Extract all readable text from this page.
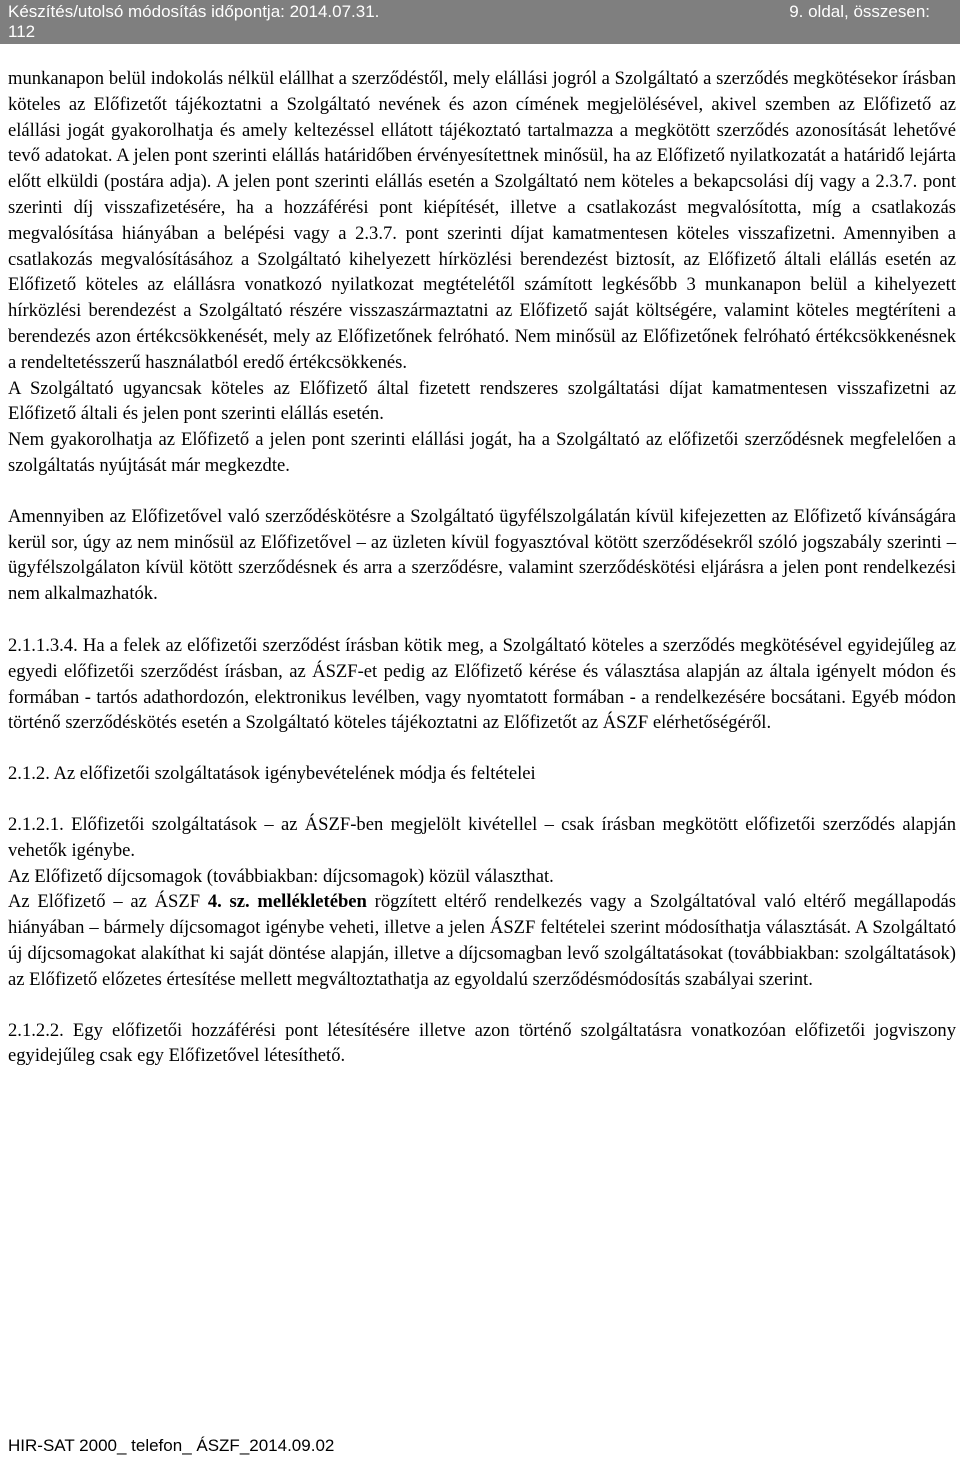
Készítés/utolsó módosítás időpontja: 2014.07.31.	9. oldal, összesen:
112

munkanapon belül indokolás nélkül elállhat a szerződéstől, mely elállási jogról a Szolgáltató a szerződés megkötésekor írásban köteles az Előfizetőt tájékoztatni a Szolgáltató nevének és azon címének megjelölésével, akivel szemben az Előfizető az elállási jogát gyakorolhatja és amely keltezéssel ellátott tájékoztató tartalmazza a megkötött szerződés azonosítását lehetővé tevő adatokat. A jelen pont szerinti elállás határidőben érvényesítettnek minősül, ha az Előfizető nyilatkozatát a határidő lejárta előtt elküldi (postára adja). A jelen pont szerinti elállás esetén a Szolgáltató nem köteles a bekapcsolási díj vagy a 2.3.7. pont szerinti díj visszafizetésére, ha a hozzáférési pont kiépítését, illetve a csatlakozást megvalósította, míg a csatlakozás megvalósítása hiányában a belépési vagy a 2.3.7. pont szerinti díjat kamatmentesen köteles visszafizetni. Amennyiben a csatlakozás megvalósításához a Szolgáltató kihelyezett hírközlési berendezést biztosít, az Előfizető általi elállás esetén az Előfizető köteles az elállásra vonatkozó nyilatkozat megtételétől számított legkésőbb 3 munkanapon belül a kihelyezett hírközlési berendezést a Szolgáltató részére visszaszármaztatni az Előfizető saját költségére, valamint köteles megtéríteni a berendezés azon értékcsökkenését, mely az Előfizetőnek felróható. Nem minősül az Előfizetőnek felróható értékcsökkenésnek a rendeltetésszerű használatból eredő értékcsökkenés.

A Szolgáltató ugyancsak köteles az Előfizető által fizetett rendszeres szolgáltatási díjat kamatmentesen visszafizetni az Előfizető általi és jelen pont szerinti elállás esetén.

Nem gyakorolhatja az Előfizető a jelen pont szerinti elállási jogát, ha a Szolgáltató az előfizetői szerződésnek megfelelően a szolgáltatás nyújtását már megkezdte.

Amennyiben az Előfizetővel való szerződéskötésre a Szolgáltató ügyfélszolgálatán kívül kifejezetten az Előfizető kívánságára kerül sor, úgy az nem minősül az Előfizetővel – az üzleten kívül fogyasztóval kötött szerződésekről szóló jogszabály szerinti – ügyfélszolgálaton kívül kötött szerződésnek és arra a szerződésre, valamint szerződéskötési eljárásra a jelen pont rendelkezési nem alkalmazhatók.

2.1.1.3.4. Ha a felek az előfizetői szerződést írásban kötik meg, a Szolgáltató köteles a szerződés megkötésével egyidejűleg az egyedi előfizetői szerződést írásban, az ÁSZF-et pedig az Előfizető kérése és választása alapján az általa igényelt módon és formában - tartós adathordozón, elektronikus levélben, vagy nyomtatott formában - a rendelkezésére bocsátani. Egyéb módon történő szerződéskötés esetén a Szolgáltató köteles tájékoztatni az Előfizetőt az ÁSZF elérhetőségéről.

2.1.2. Az előfizetői szolgáltatások igénybevételének módja és feltételei

2.1.2.1. Előfizetői szolgáltatások – az ÁSZF-ben megjelölt kivétellel – csak írásban megkötött előfizetői szerződés alapján vehetők igénybe.

Az Előfizető díjcsomagok (továbbiakban: díjcsomagok) közül választhat.

Az Előfizető – az ÁSZF 4. sz. mellékletében rögzített eltérő rendelkezés vagy a Szolgáltatóval való eltérő megállapodás hiányában – bármely díjcsomagot igénybe veheti, illetve a jelen ÁSZF feltételei szerint módosíthatja választását. A Szolgáltató új díjcsomagokat alakíthat ki saját döntése alapján, illetve a díjcsomagban levő szolgáltatásokat (továbbiakban: szolgáltatások) az Előfizető előzetes értesítése mellett megváltoztathatja az egyoldalú szerződésmódosítás szabályai szerint.

2.1.2.2. Egy előfizetői hozzáférési pont létesítésére illetve azon történő szolgáltatásra vonatkozóan előfizetői jogviszony egyidejűleg csak egy Előfizetővel létesíthető.

HIR-SAT 2000_ telefon_ ÁSZF_2014.09.02
